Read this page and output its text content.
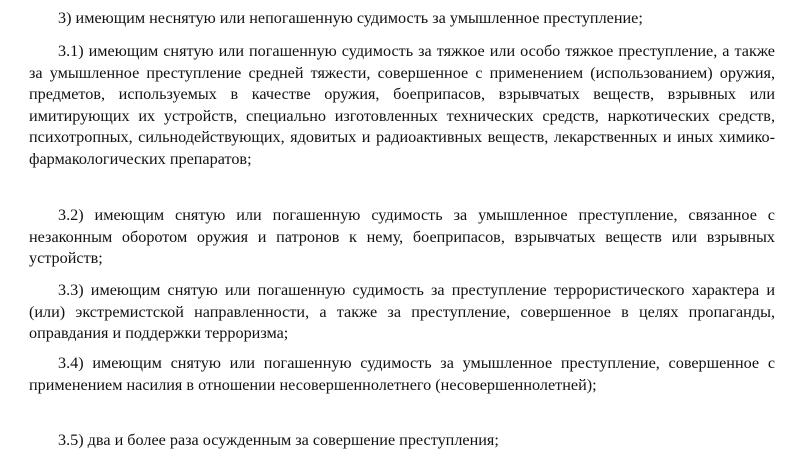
3) имеющим неснятую или непогашенную судимость за умышленное преступление;

3.1) имеющим снятую или погашенную судимость за тяжкое или особо тяжкое преступление, а также за умышленное преступление средней тяжести, совершенное с применением (использованием) оружия, предметов, используемых в качестве оружия, боеприпасов, взрывчатых веществ, взрывных или имитирующих их устройств, специально изготовленных технических средств, наркотических средств, психотропных, сильнодействующих, ядовитых и радиоактивных веществ, лекарственных и иных химико-фармакологических препаратов;

3.2) имеющим снятую или погашенную судимость за умышленное преступление, связанное с незаконным оборотом оружия и патронов к нему, боеприпасов, взрывчатых веществ или взрывных устройств;

3.3) имеющим снятую или погашенную судимость за преступление террористического характера и (или) экстремистской направленности, а также за преступление, совершенное в целях пропаганды, оправдания и поддержки терроризма;

3.4) имеющим снятую или погашенную судимость за умышленное преступление, совершенное с применением насилия в отношении несовершеннолетнего (несовершеннолетней);

3.5) два и более раза осужденным за совершение преступления;
